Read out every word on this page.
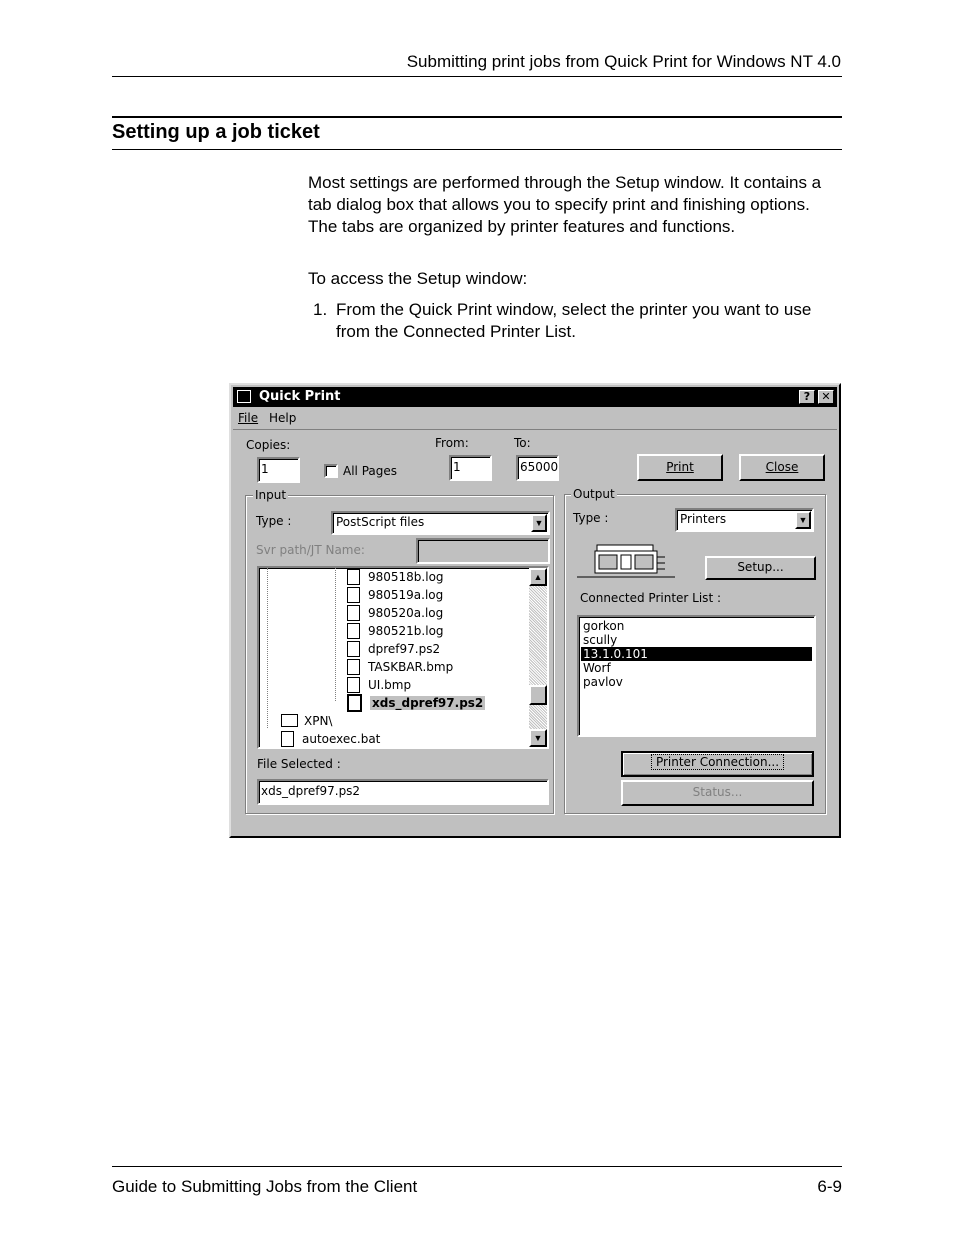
Submitting print jobs from Quick Print for Windows NT 4.0
Setting up a job ticket
Most settings are performed through the Setup window. It contains a tab dialog box that allows you to specify print and finishing options. The tabs are organized by printer features and functions.
To access the Setup window:
1. From the Quick Print window, select the printer you want to use from the Connected Printer List.
Quick Print	?	✕
File Help
Copies:
1	All Pages
From:
1
To:
65000	Print	Close
Input
Type :	PostScript files	▼
Svr path/JT Name:
980518b.log
980519a.log
980520a.log
980521b.log
dpref97.ps2
TASKBAR.bmp
UI.bmp
xds_dpref97.ps2
XPN\
autoexec.bat
▲
▼
File Selected :
xds_dpref97.ps2
Output
Type :	Printers	▼
Setup...
Connected Printer List :
gorkon
scully
13.1.0.101
Worf
pavlov
Printer Connection...
Status...
Guide to Submitting Jobs from the Client	6-9
